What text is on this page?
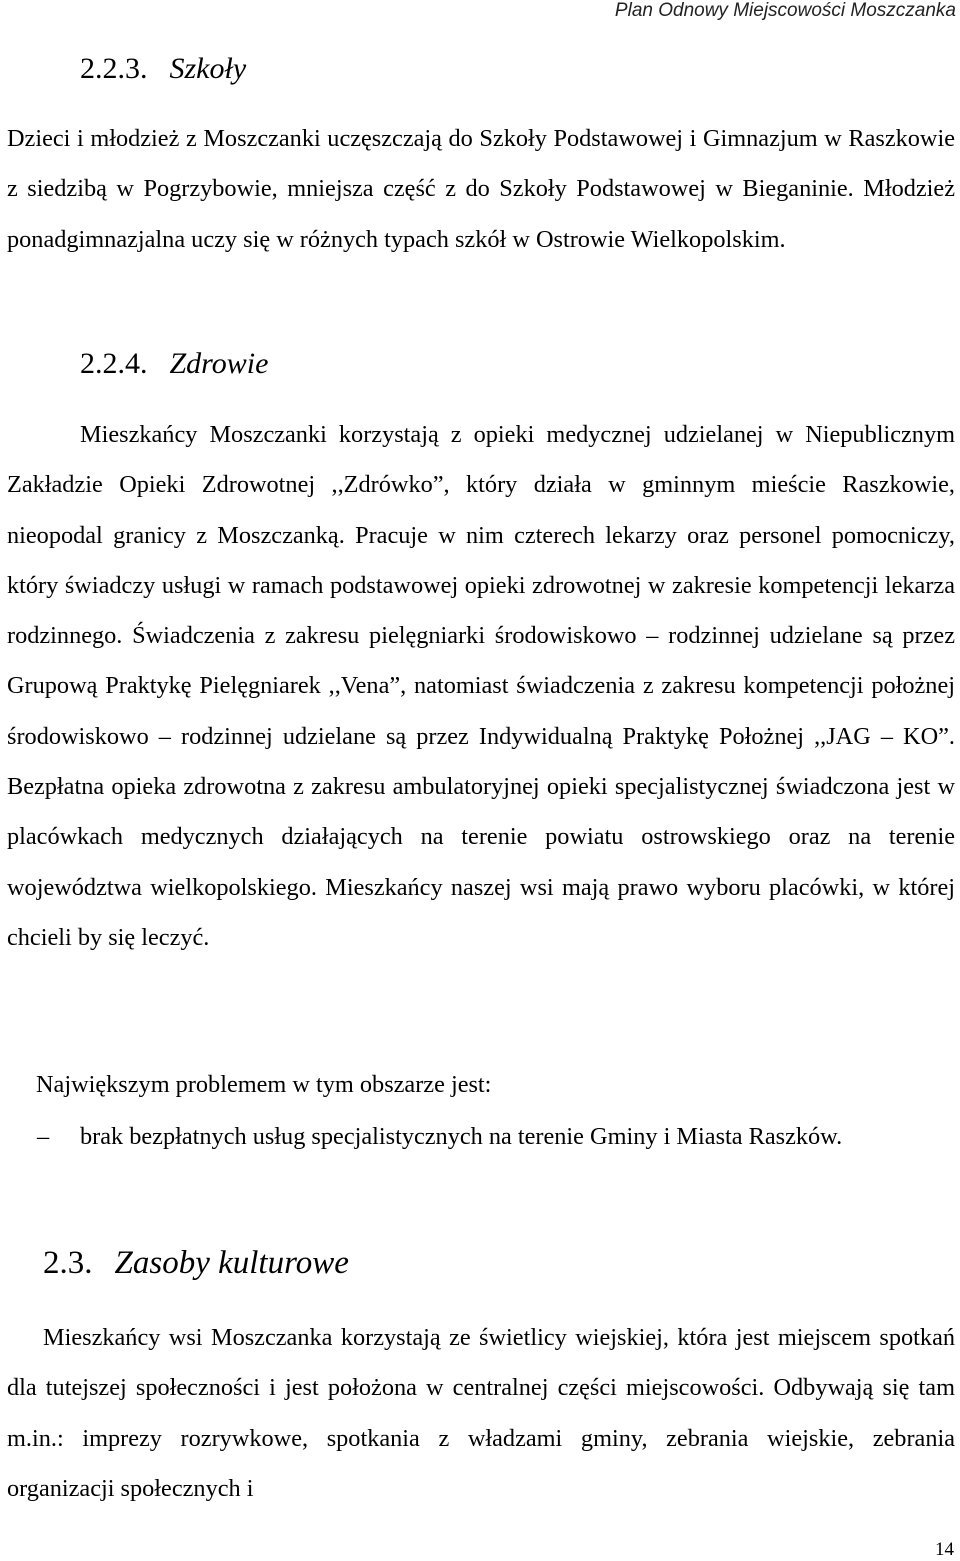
Plan Odnowy Miejscowości Moszczanka
2.2.3. Szkoły

Dzieci i młodzież z Moszczanki uczęszczają do Szkoły Podstawowej i Gimnazjum w Raszkowie z siedzibą w Pogrzybowie, mniejsza część z do Szkoły Podstawowej w Bieganinie. Młodzież ponadgimnazjalna uczy się w różnych typach szkół w Ostrowie Wielkopolskim.

2.2.4. Zdrowie

Mieszkańcy Moszczanki korzystają z opieki medycznej udzielanej w Niepublicznym Zakładzie Opieki Zdrowotnej ,,Zdrówko”, który działa w gminnym mieście Raszkowie, nieopodal granicy z Moszczanką. Pracuje w nim czterech lekarzy oraz personel pomocniczy, który świadczy usługi w ramach podstawowej opieki zdrowotnej w zakresie kompetencji lekarza rodzinnego. Świadczenia z zakresu pielęgniarki środowiskowo – rodzinnej udzielane są przez Grupową Praktykę Pielęgniarek ,,Vena”, natomiast świadczenia z zakresu kompetencji położnej środowiskowo – rodzinnej udzielane są przez Indywidualną Praktykę Położnej ,,JAG – KO”. Bezpłatna opieka zdrowotna z zakresu ambulatoryjnej opieki specjalistycznej świadczona jest w placówkach medycznych działających na terenie powiatu ostrowskiego oraz na terenie województwa wielkopolskiego. Mieszkańcy naszej wsi mają prawo wyboru placówki, w której chcieli by się leczyć.

Największym problemem w tym obszarze jest:

– brak bezpłatnych usług specjalistycznych na terenie Gminy i Miasta Raszków.

2.3. Zasoby kulturowe

Mieszkańcy wsi Moszczanka korzystają ze świetlicy wiejskiej, która jest miejscem spotkań dla tutejszej społeczności i jest położona w centralnej części miejscowości. Odbywają się tam m.in.: imprezy rozrywkowe, spotkania z władzami gminy, zebrania wiejskie, zebrania organizacji społecznych i

14
